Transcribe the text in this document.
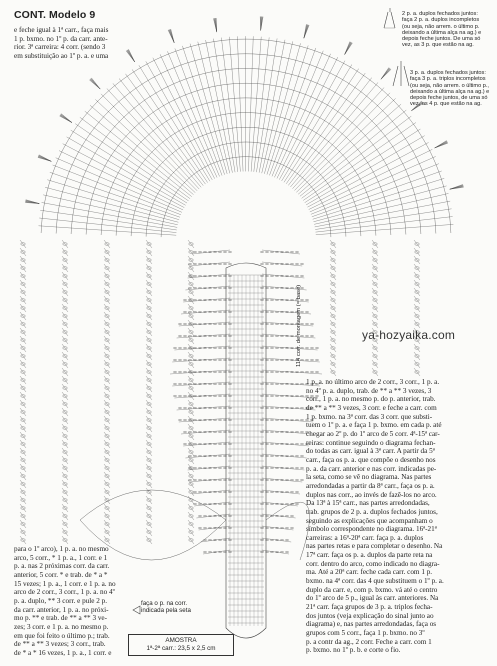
CONT. Modelo 9
e feche igual à 1ª carr., faça mais
1 p. bxmo. no 1º p. da carr. ante-
rior. 3ª carreira: 4 corr. (sendo 3
em substituição ao 1º p. a. e uma
2 p. a. duplos fechados juntos:
faça 2 p. a. duplos incompletos
(ou seja, não arrem. o último p.
deixando a última alça na ag.) e
depois feche juntos. De uma só
vez, as 3 p. que estão na ag.
3 p. a. duplos fechados juntos:
faça 3 p. a. triplos incompletos
(ou seja, não arrem. o último p.,
deixando a última alça na ag.) e
depois feche juntos, de uma só
vez, as 4 p. que estão na ag.
ya-hozyaika.com
114 corr. de montagem (= base)
1 p. a. no último arco de 2 corr., 3 corr., 1 p. a.
no 4º p. a. duplo, trab. de ** a ** 3 vezes, 3
corr., 1 p. a. no mesmo p. do p. anterior, trab.
de ** a ** 3 vezes, 3 corr. e feche a carr. com
1 p. bxmo. na 3ª corr. das 3 corr. que substi-
tuem o 1º p. a. e faça 1 p. bxmo. em cada p. até
chegar ao 2º p. do 1º arco de 5 corr. 4ª-15ª car-
reiras: continue seguindo o diagrama fechan-
do todas as carr. igual à 3ª carr. A partir da 5ª
carr., faça os p. a. que compõe o desenho nos
p. a. da carr. anterior e nas corr. indicadas pe-
la seta, como se vê no diagrama. Nas partes
arredondadas a partir da 8ª carr., faça os p. a.
duplos nas corr., ao invés de fazê-los no arco.
Da 13ª à 15ª carr., nas partes arredondadas,
trab. grupos de 2 p. a. duplos fechados juntos,
seguindo as explicações que acompanham o
símbolo correspondente no diagrama. 16ª-21ª
carreiras: a 16ª-20ª carr. faça p. a. duplos
nas partes retas e para completar o desenho. Na
17ª carr. faça os p. a. duplos da parte reta na
corr. dentro do arco, como indicado no diagra-
ma. Até a 20ª carr. feche cada carr. com 1 p.
bxmo. na 4ª corr. das 4 que substituem o 1º p. a.
duplo da carr. e, com p. bxmo. vá até o centro
do 1º arco de 5 p., igual às carr. anteriores. Na
21ª carr. faça grupos de 3 p. a. triplos fecha-
dos juntos (veja explicação do sinal junto ao
diagrama) e, nas partes arredondadas, faça os
grupos com 5 corr., faça 1 p. bxmo. no 3º
p. a contr da ag., 2 corr. Feche a carr. com 1
p. bxmo. no 1º p. b. e corte o fio.
para o 1º arco), 1 p. a. no mesmo
arco, 5 corr., * 1 p. a., 1 corr. e 1
p. a. nas 2 próximas corr. da carr.
anterior, 5 corr. * e trab. de * a *
15 vezes; 1 p. a., 1 corr. e 1 p. a. no
arco de 2 corr., 3 corr., 1 p. a. no 4º
p. a. duplo, ** 3 corr. e pule 2 p.
da carr. anterior, 1 p. a. no próxi-
mo p. ** e trab. de ** a ** 3 ve-
zes; 3 corr. e 1 p. a. no mesmo p.
em que foi feito o último p.; trab.
de ** a ** 3 vezes; 3 corr., trab.
de * a * 16 vezes, 1 p. a., 1 corr. e
faça o p. na corr.
indicada pela seta
AMOSTRA
1ª-2ª carr.: 23,5 x 2,5 cm
